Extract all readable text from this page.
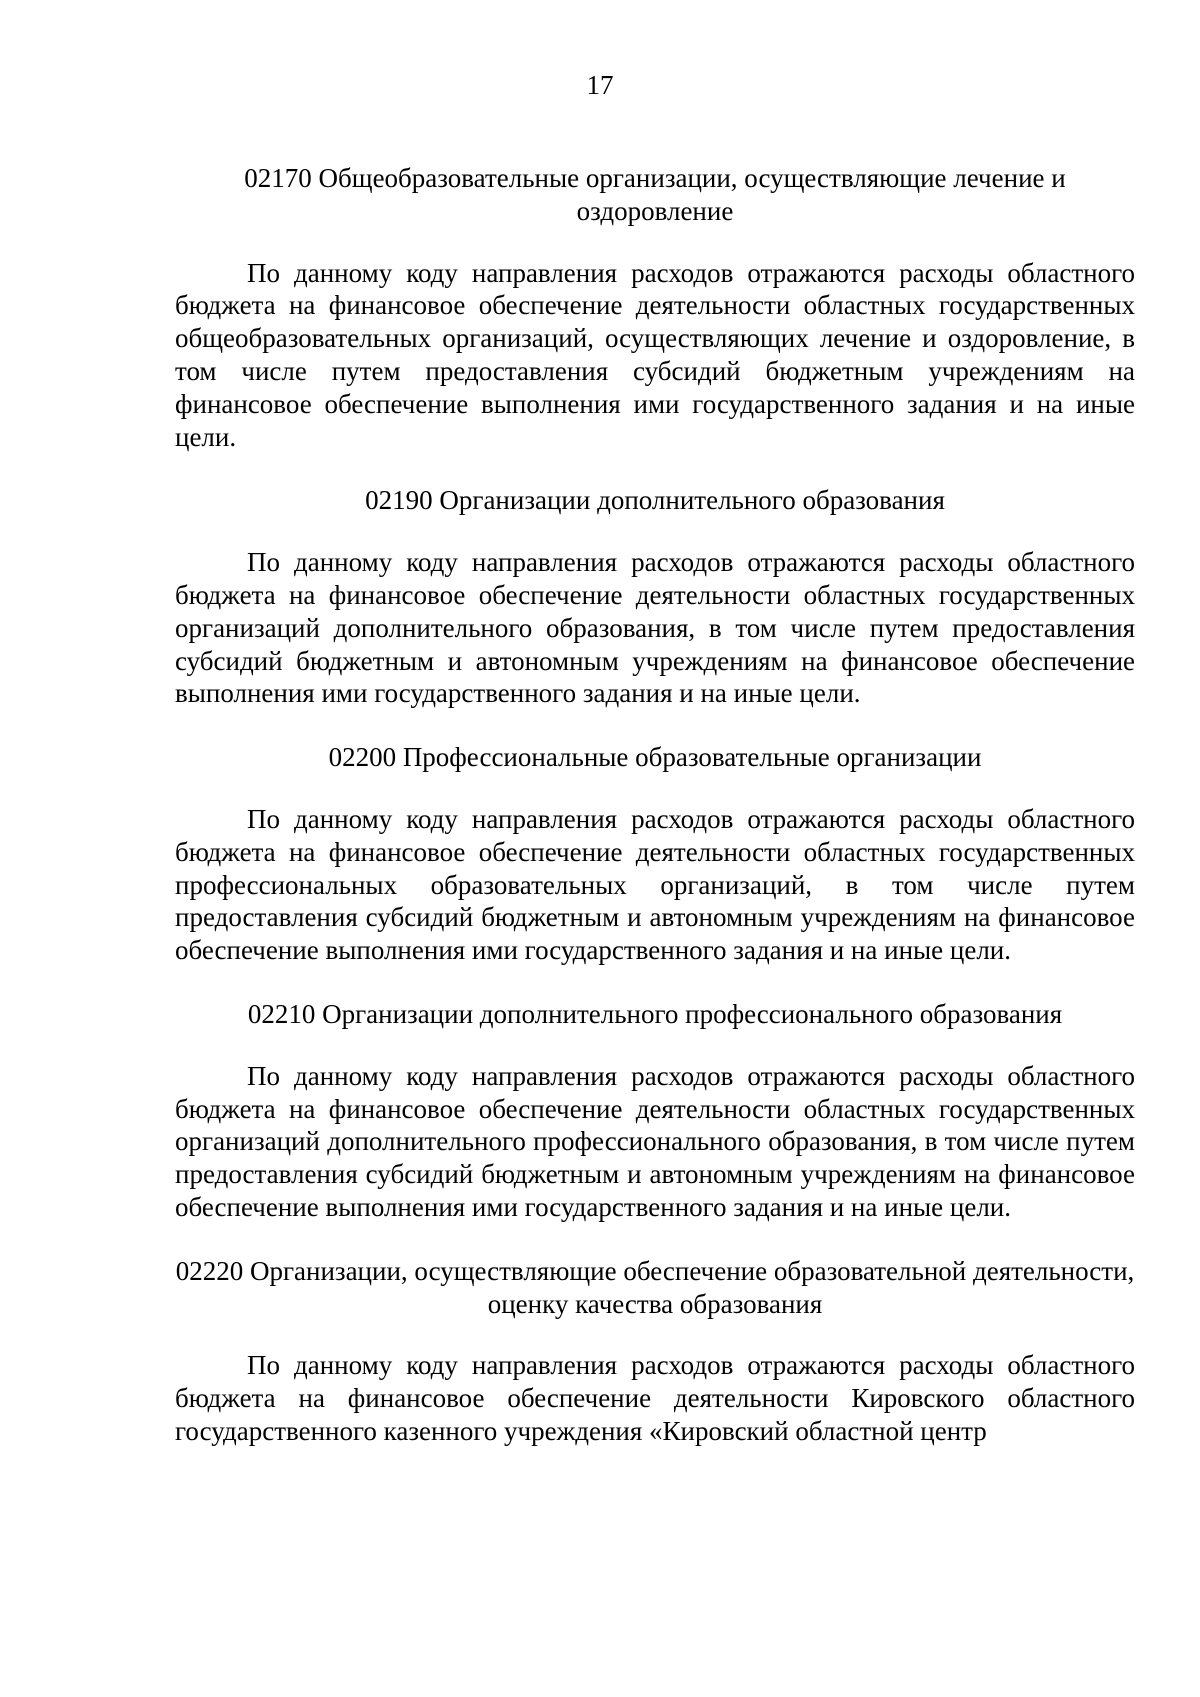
17

02170 Общеобразовательные организации, осуществляющие лечение и оздоровление

По данному коду направления расходов отражаются расходы областного бюджета на финансовое обеспечение деятельности областных государственных общеобразовательных организаций, осуществляющих лечение и оздоровление, в том числе путем предоставления субсидий бюджетным учреждениям на финансовое обеспечение выполнения ими государственного задания и на иные цели.

02190 Организации дополнительного образования

По данному коду направления расходов отражаются расходы областного бюджета на финансовое обеспечение деятельности областных государственных организаций дополнительного образования, в том числе путем предоставления субсидий бюджетным и автономным учреждениям на финансовое обеспечение выполнения ими государственного задания и на иные цели.

02200 Профессиональные образовательные организации

По данному коду направления расходов отражаются расходы областного бюджета на финансовое обеспечение деятельности областных государственных профессиональных образовательных организаций, в том числе путем предоставления субсидий бюджетным и автономным учреждениям на финансовое обеспечение выполнения ими государственного задания и на иные цели.

02210 Организации дополнительного профессионального образования

По данному коду направления расходов отражаются расходы областного бюджета на финансовое обеспечение деятельности областных государственных организаций дополнительного профессионального образования, в том числе путем предоставления субсидий бюджетным и автономным учреждениям на финансовое обеспечение выполнения ими государственного задания и на иные цели.

02220 Организации, осуществляющие обеспечение образовательной деятельности, оценку качества образования

По данному коду направления расходов отражаются расходы областного бюджета на финансовое обеспечение деятельности Кировского областного государственного казенного учреждения «Кировский областной центр
